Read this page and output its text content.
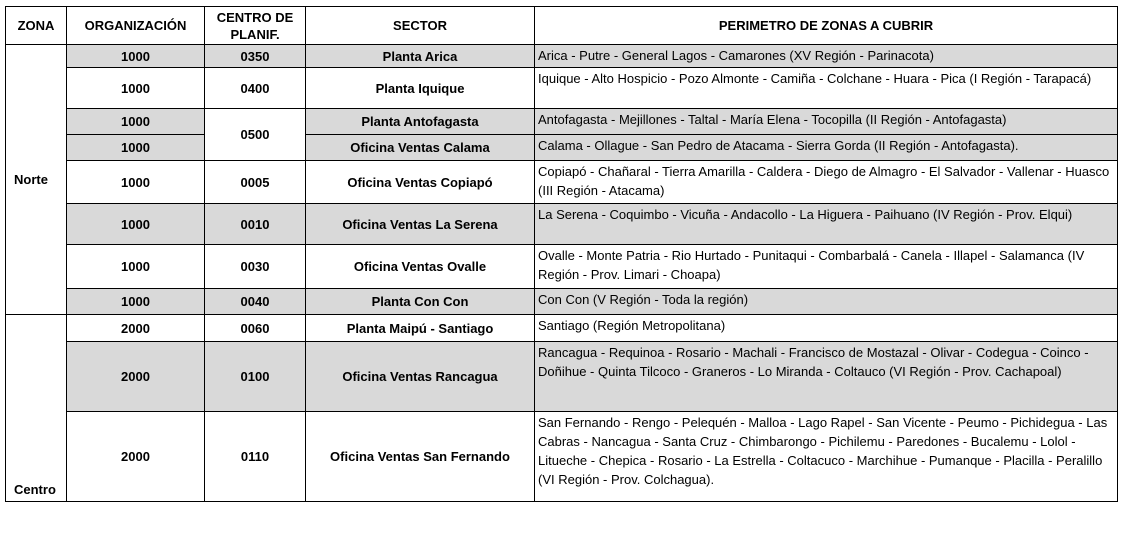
ZONA	ORGANIZACIÓN	CENTRO DE PLANIF.	SECTOR	PERIMETRO DE ZONAS A CUBRIR
Norte	1000	0350	Planta Arica	Arica - Putre - General Lagos - Camarones (XV Región - Parinacota)
	1000	0400	Planta Iquique	Iquique - Alto Hospicio - Pozo Almonte - Camiña - Colchane - Huara - Pica (I Región - Tarapacá)
	1000	0500	Planta Antofagasta	Antofagasta - Mejillones - Taltal - María Elena - Tocopilla (II Región - Antofagasta)
	1000		Oficina Ventas Calama	Calama - Ollague - San Pedro de Atacama - Sierra Gorda (II Región - Antofagasta).
	1000	0005	Oficina Ventas Copiapó	Copiapó - Chañaral - Tierra Amarilla - Caldera - Diego de Almagro - El Salvador - Vallenar - Huasco (III Región - Atacama)
	1000	0010	Oficina Ventas La Serena	La Serena - Coquimbo - Vicuña - Andacollo - La Higuera - Paihuano (IV Región - Prov. Elqui)
	1000	0030	Oficina Ventas Ovalle	Ovalle - Monte Patria - Rio Hurtado - Punitaqui - Combarbalá - Canela - Illapel - Salamanca (IV Región - Prov. Limari - Choapa)
	1000	0040	Planta Con Con	Con Con (V Región - Toda la región)
Centro	2000	0060	Planta Maipú - Santiago	Santiago (Región Metropolitana)
	2000	0100	Oficina Ventas Rancagua	Rancagua - Requinoa - Rosario - Machali - Francisco de Mostazal - Olivar - Codegua - Coinco - Doñihue - Quinta Tilcoco - Graneros - Lo Miranda - Coltauco (VI Región - Prov. Cachapoal)
	2000	0110	Oficina Ventas San Fernando	San Fernando - Rengo - Pelequén - Malloa - Lago Rapel - San Vicente - Peumo - Pichidegua - Las Cabras - Nancagua - Santa Cruz - Chimbarongo - Pichilemu - Paredones - Bucalemu - Lolol - Litueche - Chepica - Rosario - La Estrella - Coltacuco - Marchihue - Pumanque - Placilla - Peralillo (VI Región - Prov. Colchagua).
